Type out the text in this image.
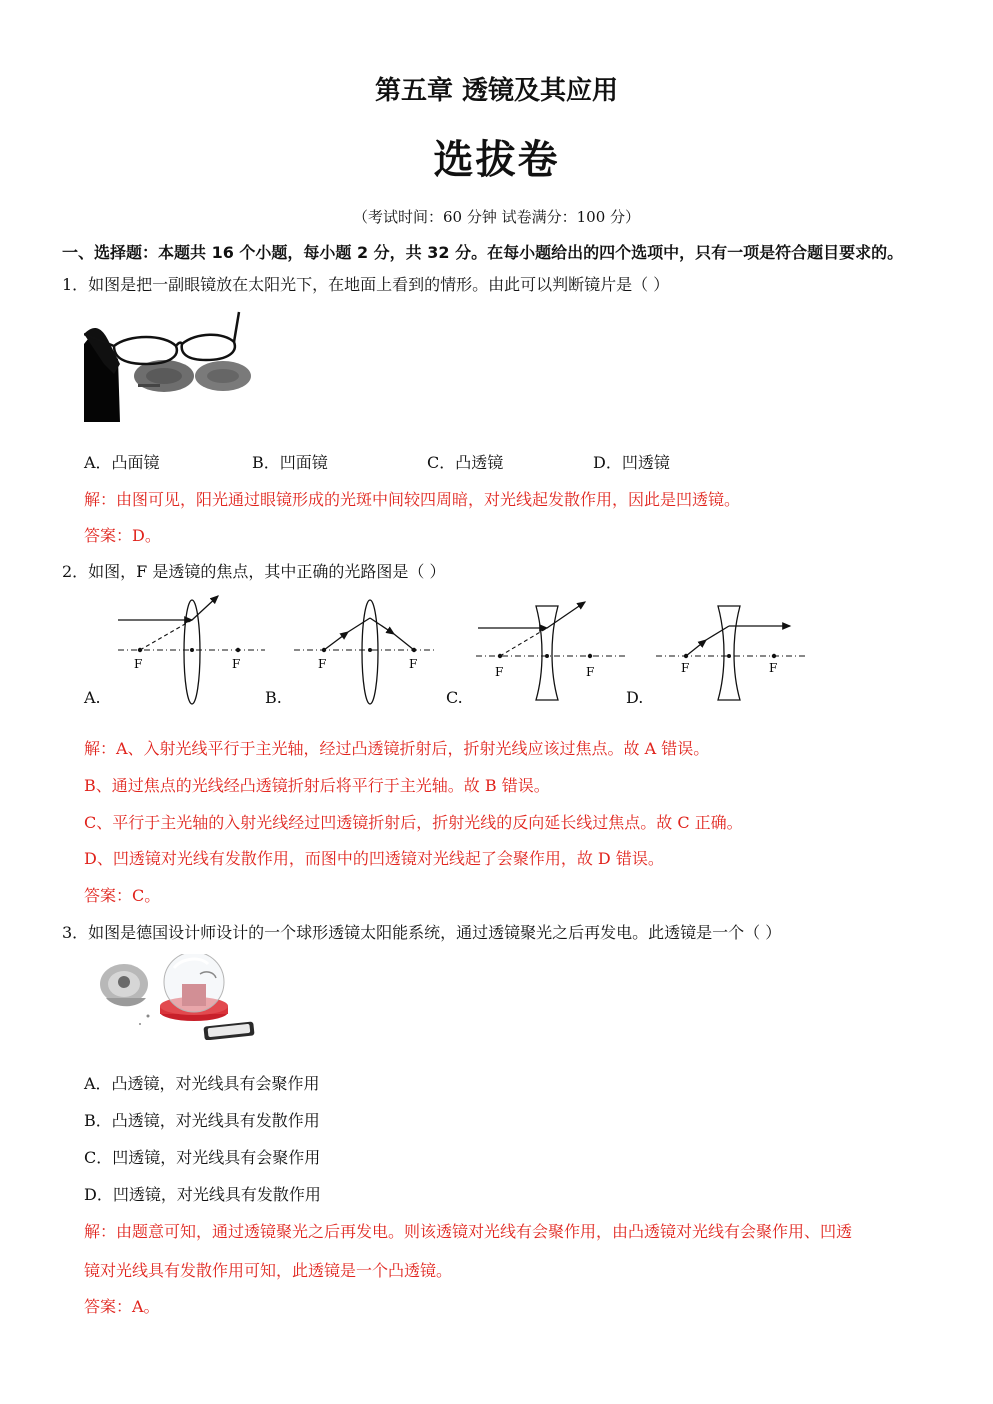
第五章 透镜及其应用
选拔卷
（考试时间：60 分钟 试卷满分：100 分）
一、选择题：本题共 16 个小题，每小题 2 分，共 32 分。在每小题给出的四个选项中，只有一项是符合题目要求的。
1．如图是把一副眼镜放在太阳光下，在地面上看到的情形。由此可以判断镜片是（ ）
A．凸面镜	B．凹面镜	C．凸透镜	D．凹透镜
解：由图可见，阳光通过眼镜形成的光斑中间较四周暗，对光线起发散作用，因此是凹透镜。
答案：D。
2．如图，F 是透镜的焦点，其中正确的光路图是（ ）
F	F
A.
F	F
B.
F	F
C.
F	F
D.
解：A、入射光线平行于主光轴，经过凸透镜折射后，折射光线应该过焦点。故 A 错误。
B、通过焦点的光线经凸透镜折射后将平行于主光轴。故 B 错误。
C、平行于主光轴的入射光线经过凹透镜折射后，折射光线的反向延长线过焦点。故 C 正确。
D、凹透镜对光线有发散作用，而图中的凹透镜对光线起了会聚作用，故 D 错误。
答案：C。
3．如图是德国设计师设计的一个球形透镜太阳能系统，通过透镜聚光之后再发电。此透镜是一个（ ）
A．凸透镜，对光线具有会聚作用
B．凸透镜，对光线具有发散作用
C．凹透镜，对光线具有会聚作用
D．凹透镜，对光线具有发散作用
解：由题意可知，通过透镜聚光之后再发电。则该透镜对光线有会聚作用，由凸透镜对光线有会聚作用、凹透
镜对光线具有发散作用可知，此透镜是一个凸透镜。
答案：A。
